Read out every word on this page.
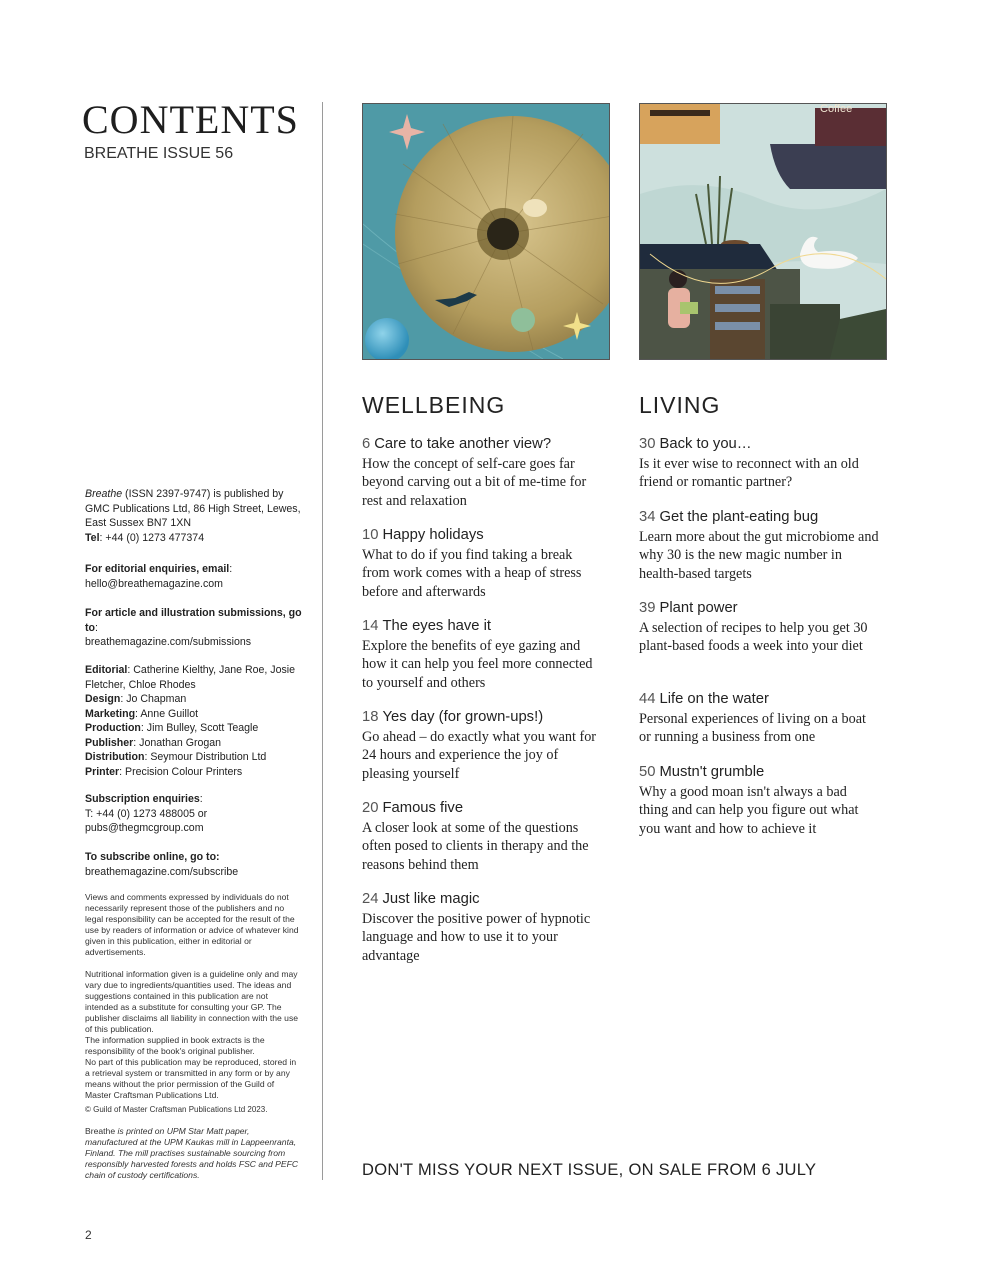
CONTENTS
BREATHE ISSUE 56
Breathe (ISSN 2397-9747) is published by GMC Publications Ltd, 86 High Street, Lewes, East Sussex BN7 1XN
Tel: +44 (0) 1273 477374
For editorial enquiries, email:
hello@breathemagazine.com
For article and illustration submissions, go to:
breathemagazine.com/submissions
Editorial: Catherine Kielthy, Jane Roe, Josie Fletcher, Chloe Rhodes
Design: Jo Chapman
Marketing: Anne Guillot
Production: Jim Bulley, Scott Teagle
Publisher: Jonathan Grogan
Distribution: Seymour Distribution Ltd
Printer: Precision Colour Printers
Subscription enquiries:
T: +44 (0) 1273 488005 or
pubs@thegmcgroup.com
To subscribe online, go to:
breathemagazine.com/subscribe
Views and comments expressed by individuals do not necessarily represent those of the publishers and no legal responsibility can be accepted for the result of the use by readers of information or advice of whatever kind given in this publication, either in editorial or advertisements.
Nutritional information given is a guideline only and may vary due to ingredients/quantities used. The ideas and suggestions contained in this publication are not intended as a substitute for consulting your GP. The publisher disclaims all liability in connection with the use of this publication.
The information supplied in book extracts is the responsibility of the book's original publisher.
No part of this publication may be reproduced, stored in a retrieval system or transmitted in any form or by any means without the prior permission of the Guild of Master Craftsman Publications Ltd.
© Guild of Master Craftsman Publications Ltd 2023.
Breathe is printed on UPM Star Matt paper, manufactured at the UPM Kaukas mill in Lappeenranta, Finland. The mill practises sustainable sourcing from responsibly harvested forests and holds FSC and PEFC chain of custody certifications.
2
Coffee
WELLBEING
6 Care to take another view?
How the concept of self-care goes far beyond carving out a bit of me-time for rest and relaxation
10 Happy holidays
What to do if you find taking a break from work comes with a heap of stress before and afterwards
14 The eyes have it
Explore the benefits of eye gazing and how it can help you feel more connected to yourself and others
18 Yes day (for grown-ups!)
Go ahead – do exactly what you want for 24 hours and experience the joy of pleasing yourself
20 Famous five
A closer look at some of the questions often posed to clients in therapy and the reasons behind them
24 Just like magic
Discover the positive power of hypnotic language and how to use it to your advantage
LIVING
30 Back to you…
Is it ever wise to reconnect with an old friend or romantic partner?
34 Get the plant-eating bug
Learn more about the gut microbiome and why 30 is the new magic number in health-based targets
39 Plant power
A selection of recipes to help you get 30 plant-based foods a week into your diet
44 Life on the water
Personal experiences of living on a boat or running a business from one
50 Mustn't grumble
Why a good moan isn't always a bad thing and can help you figure out what you want and how to achieve it
DON'T MISS YOUR NEXT ISSUE, ON SALE FROM 6 JULY
